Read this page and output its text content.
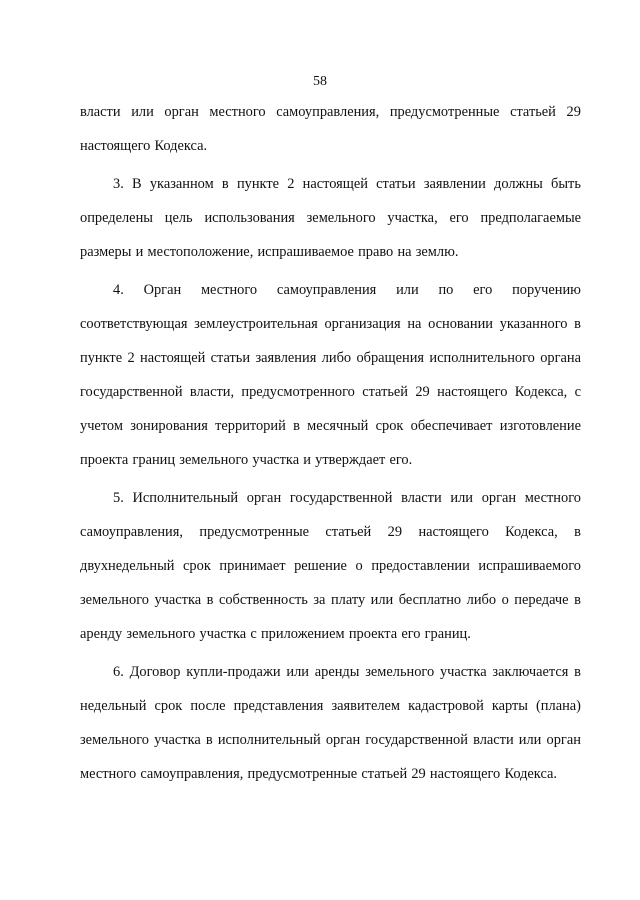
58
власти или орган местного самоуправления, предусмотренные статьей 29
настоящего Кодекса.
3. В указанном в пункте 2 настоящей статьи заявлении должны быть
определены цель использования земельного участка, его предполагаемые
размеры и местоположение, испрашиваемое право на землю.
4. Орган местного самоуправления или по его поручению
соответствующая землеустроительная организация на основании указанного в
пункте 2 настоящей статьи заявления либо обращения исполнительного органа
государственной власти, предусмотренного статьей 29 настоящего Кодекса, с
учетом зонирования территорий в месячный срок обеспечивает изготовление
проекта границ земельного участка и утверждает его.
5. Исполнительный орган государственной власти или орган местного
самоуправления, предусмотренные статьей 29 настоящего Кодекса, в
двухнедельный срок принимает решение о предоставлении испрашиваемого
земельного участка в собственность за плату или бесплатно либо о передаче в
аренду земельного участка с приложением проекта его границ.
6. Договор купли-продажи или аренды земельного участка заключается в
недельный срок после представления заявителем кадастровой карты (плана)
земельного участка в исполнительный орган государственной власти или орган
местного самоуправления, предусмотренные статьей 29 настоящего Кодекса.
